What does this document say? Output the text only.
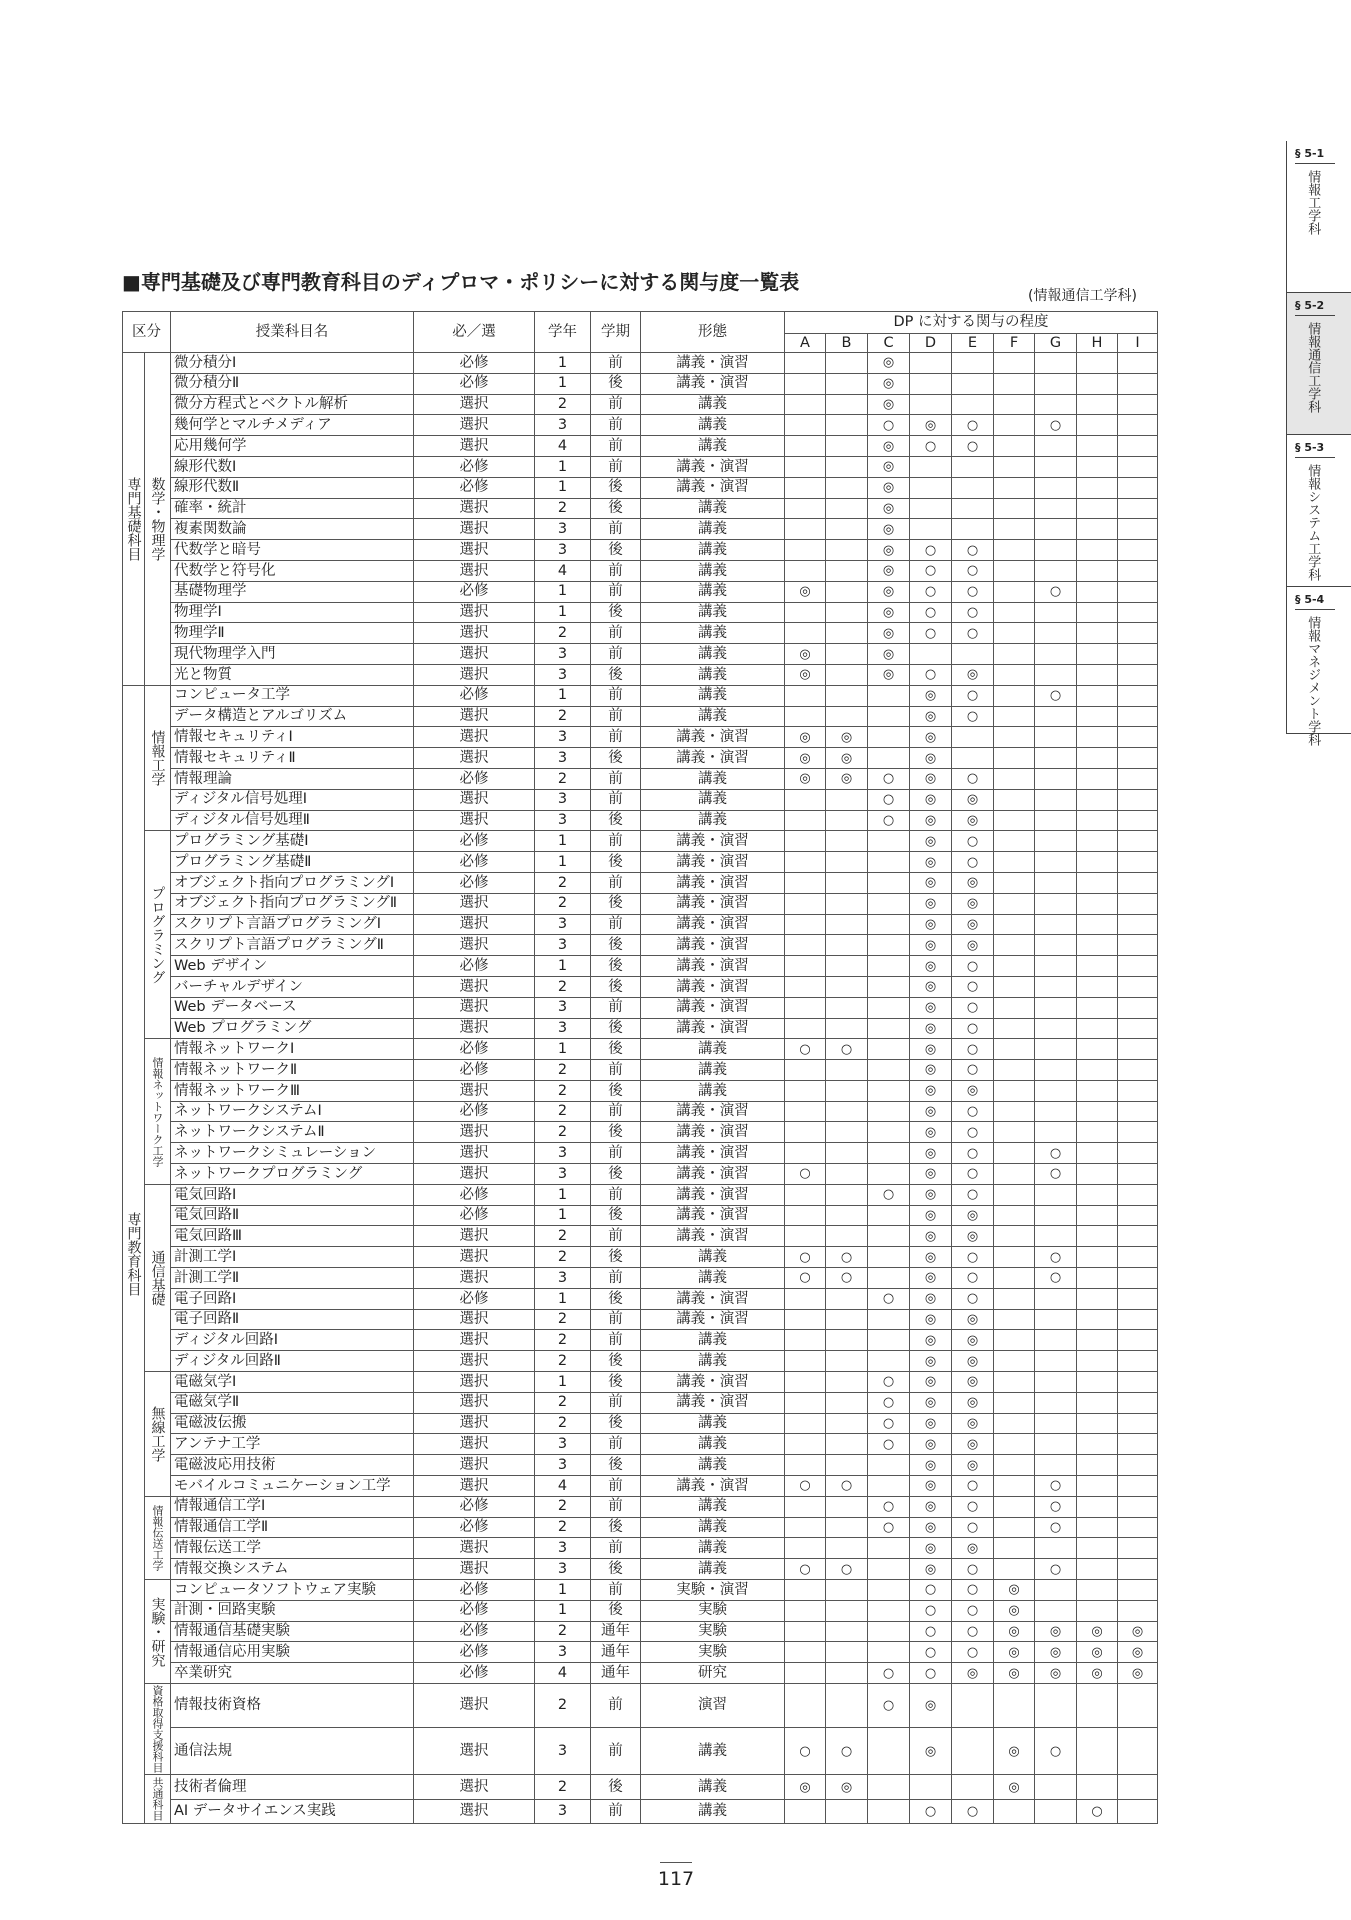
■専門基礎及び専門教育科目のディプロマ・ポリシーに対する関与度一覧表
(情報通信工学科)
区分		授業科目名	必／選	学年	学期	形態	DP に対する関与の程度								
							A	B	C	D	E	F	G	H	I
専門基礎科目	数学・物理学	微分積分Ⅰ	必修	1	前	講義・演習			◎						
		微分積分Ⅱ	必修	1	後	講義・演習			◎						
		微分方程式とベクトル解析	選択	2	前	講義			◎						
		幾何学とマルチメディア	選択	3	前	講義			○	◎	○		○		
		応用幾何学	選択	4	前	講義			◎	○	○				
		線形代数Ⅰ	必修	1	前	講義・演習			◎						
		線形代数Ⅱ	必修	1	後	講義・演習			◎						
		確率・統計	選択	2	後	講義			◎						
		複素関数論	選択	3	前	講義			◎						
		代数学と暗号	選択	3	後	講義			◎	○	○				
		代数学と符号化	選択	4	前	講義			◎	○	○				
		基礎物理学	必修	1	前	講義	◎		◎	○	○		○		
		物理学Ⅰ	選択	1	後	講義			◎	○	○				
		物理学Ⅱ	選択	2	前	講義			◎	○	○				
		現代物理学入門	選択	3	前	講義	◎		◎						
		光と物質	選択	3	後	講義	◎		◎	○	◎				
専門教育科目	情報工学	コンピュータ工学	必修	1	前	講義				◎	○		○		
		データ構造とアルゴリズム	選択	2	前	講義				◎	○				
		情報セキュリティⅠ	選択	3	前	講義・演習	◎	◎		◎					
		情報セキュリティⅡ	選択	3	後	講義・演習	◎	◎		◎					
		情報理論	必修	2	前	講義	◎	◎	○	◎	○				
		ディジタル信号処理Ⅰ	選択	3	前	講義			○	◎	◎				
		ディジタル信号処理Ⅱ	選択	3	後	講義			○	◎	◎				
	プログラミング	プログラミング基礎Ⅰ	必修	1	前	講義・演習				◎	○				
		プログラミング基礎Ⅱ	必修	1	後	講義・演習				◎	○				
		オブジェクト指向プログラミングⅠ	必修	2	前	講義・演習				◎	◎				
		オブジェクト指向プログラミングⅡ	選択	2	後	講義・演習				◎	◎				
		スクリプト言語プログラミングⅠ	選択	3	前	講義・演習				◎	◎				
		スクリプト言語プログラミングⅡ	選択	3	後	講義・演習				◎	◎				
		Web デザイン	必修	1	後	講義・演習				◎	○				
		バーチャルデザイン	選択	2	後	講義・演習				◎	○				
		Web データベース	選択	3	前	講義・演習				◎	○				
		Web プログラミング	選択	3	後	講義・演習				◎	○				
	情報ネットワーク工学	情報ネットワークⅠ	必修	1	後	講義	○	○		◎	○				
		情報ネットワークⅡ	必修	2	前	講義				◎	○				
		情報ネットワークⅢ	選択	2	後	講義				◎	◎				
		ネットワークシステムⅠ	必修	2	前	講義・演習				◎	○				
		ネットワークシステムⅡ	選択	2	後	講義・演習				◎	○				
		ネットワークシミュレーション	選択	3	前	講義・演習				◎	○		○		
		ネットワークプログラミング	選択	3	後	講義・演習	○			◎	○		○		
	通信基礎	電気回路Ⅰ	必修	1	前	講義・演習			○	◎	○				
		電気回路Ⅱ	必修	1	後	講義・演習				◎	◎				
		電気回路Ⅲ	選択	2	前	講義・演習				◎	◎				
		計測工学Ⅰ	選択	2	後	講義	○	○		◎	○		○		
		計測工学Ⅱ	選択	3	前	講義	○	○		◎	○		○		
		電子回路Ⅰ	必修	1	後	講義・演習			○	◎	○				
		電子回路Ⅱ	選択	2	前	講義・演習				◎	◎				
		ディジタル回路Ⅰ	選択	2	前	講義				◎	◎				
		ディジタル回路Ⅱ	選択	2	後	講義				◎	◎				
	無線工学	電磁気学Ⅰ	選択	1	後	講義・演習			○	◎	◎				
		電磁気学Ⅱ	選択	2	前	講義・演習			○	◎	◎				
		電磁波伝搬	選択	2	後	講義			○	◎	◎				
		アンテナ工学	選択	3	前	講義			○	◎	◎				
		電磁波応用技術	選択	3	後	講義				◎	◎				
		モバイルコミュニケーション工学	選択	4	前	講義・演習	○	○		◎	○		○		
	情報伝送工学	情報通信工学Ⅰ	必修	2	前	講義			○	◎	○		○		
		情報通信工学Ⅱ	必修	2	後	講義			○	◎	○		○		
		情報伝送工学	選択	3	前	講義				◎	◎				
		情報交換システム	選択	3	後	講義	○	○		◎	○		○		
	実験・研究	コンピュータソフトウェア実験	必修	1	前	実験・演習				○	○	◎			
		計測・回路実験	必修	1	後	実験				○	○	◎			
		情報通信基礎実験	必修	2	通年	実験				○	○	◎	◎	◎	◎
		情報通信応用実験	必修	3	通年	実験				○	○	◎	◎	◎	◎
		卒業研究	必修	4	通年	研究			○	○	◎	◎	◎	◎	◎
	資格取得支援科目	情報技術資格	選択	2	前	演習			○	◎					
		通信法規	選択	3	前	講義	○	○		◎		◎	○		
	共通科目	技術者倫理	選択	2	後	講義	◎	◎				◎			
		AI データサイエンス実践	選択	3	前	講義				○	○			○	
§ 5-1
情報工学科
§ 5-2
情報通信工学科
§ 5-3
情報システム工学科
§ 5-4
情報マネジメント学科
117
